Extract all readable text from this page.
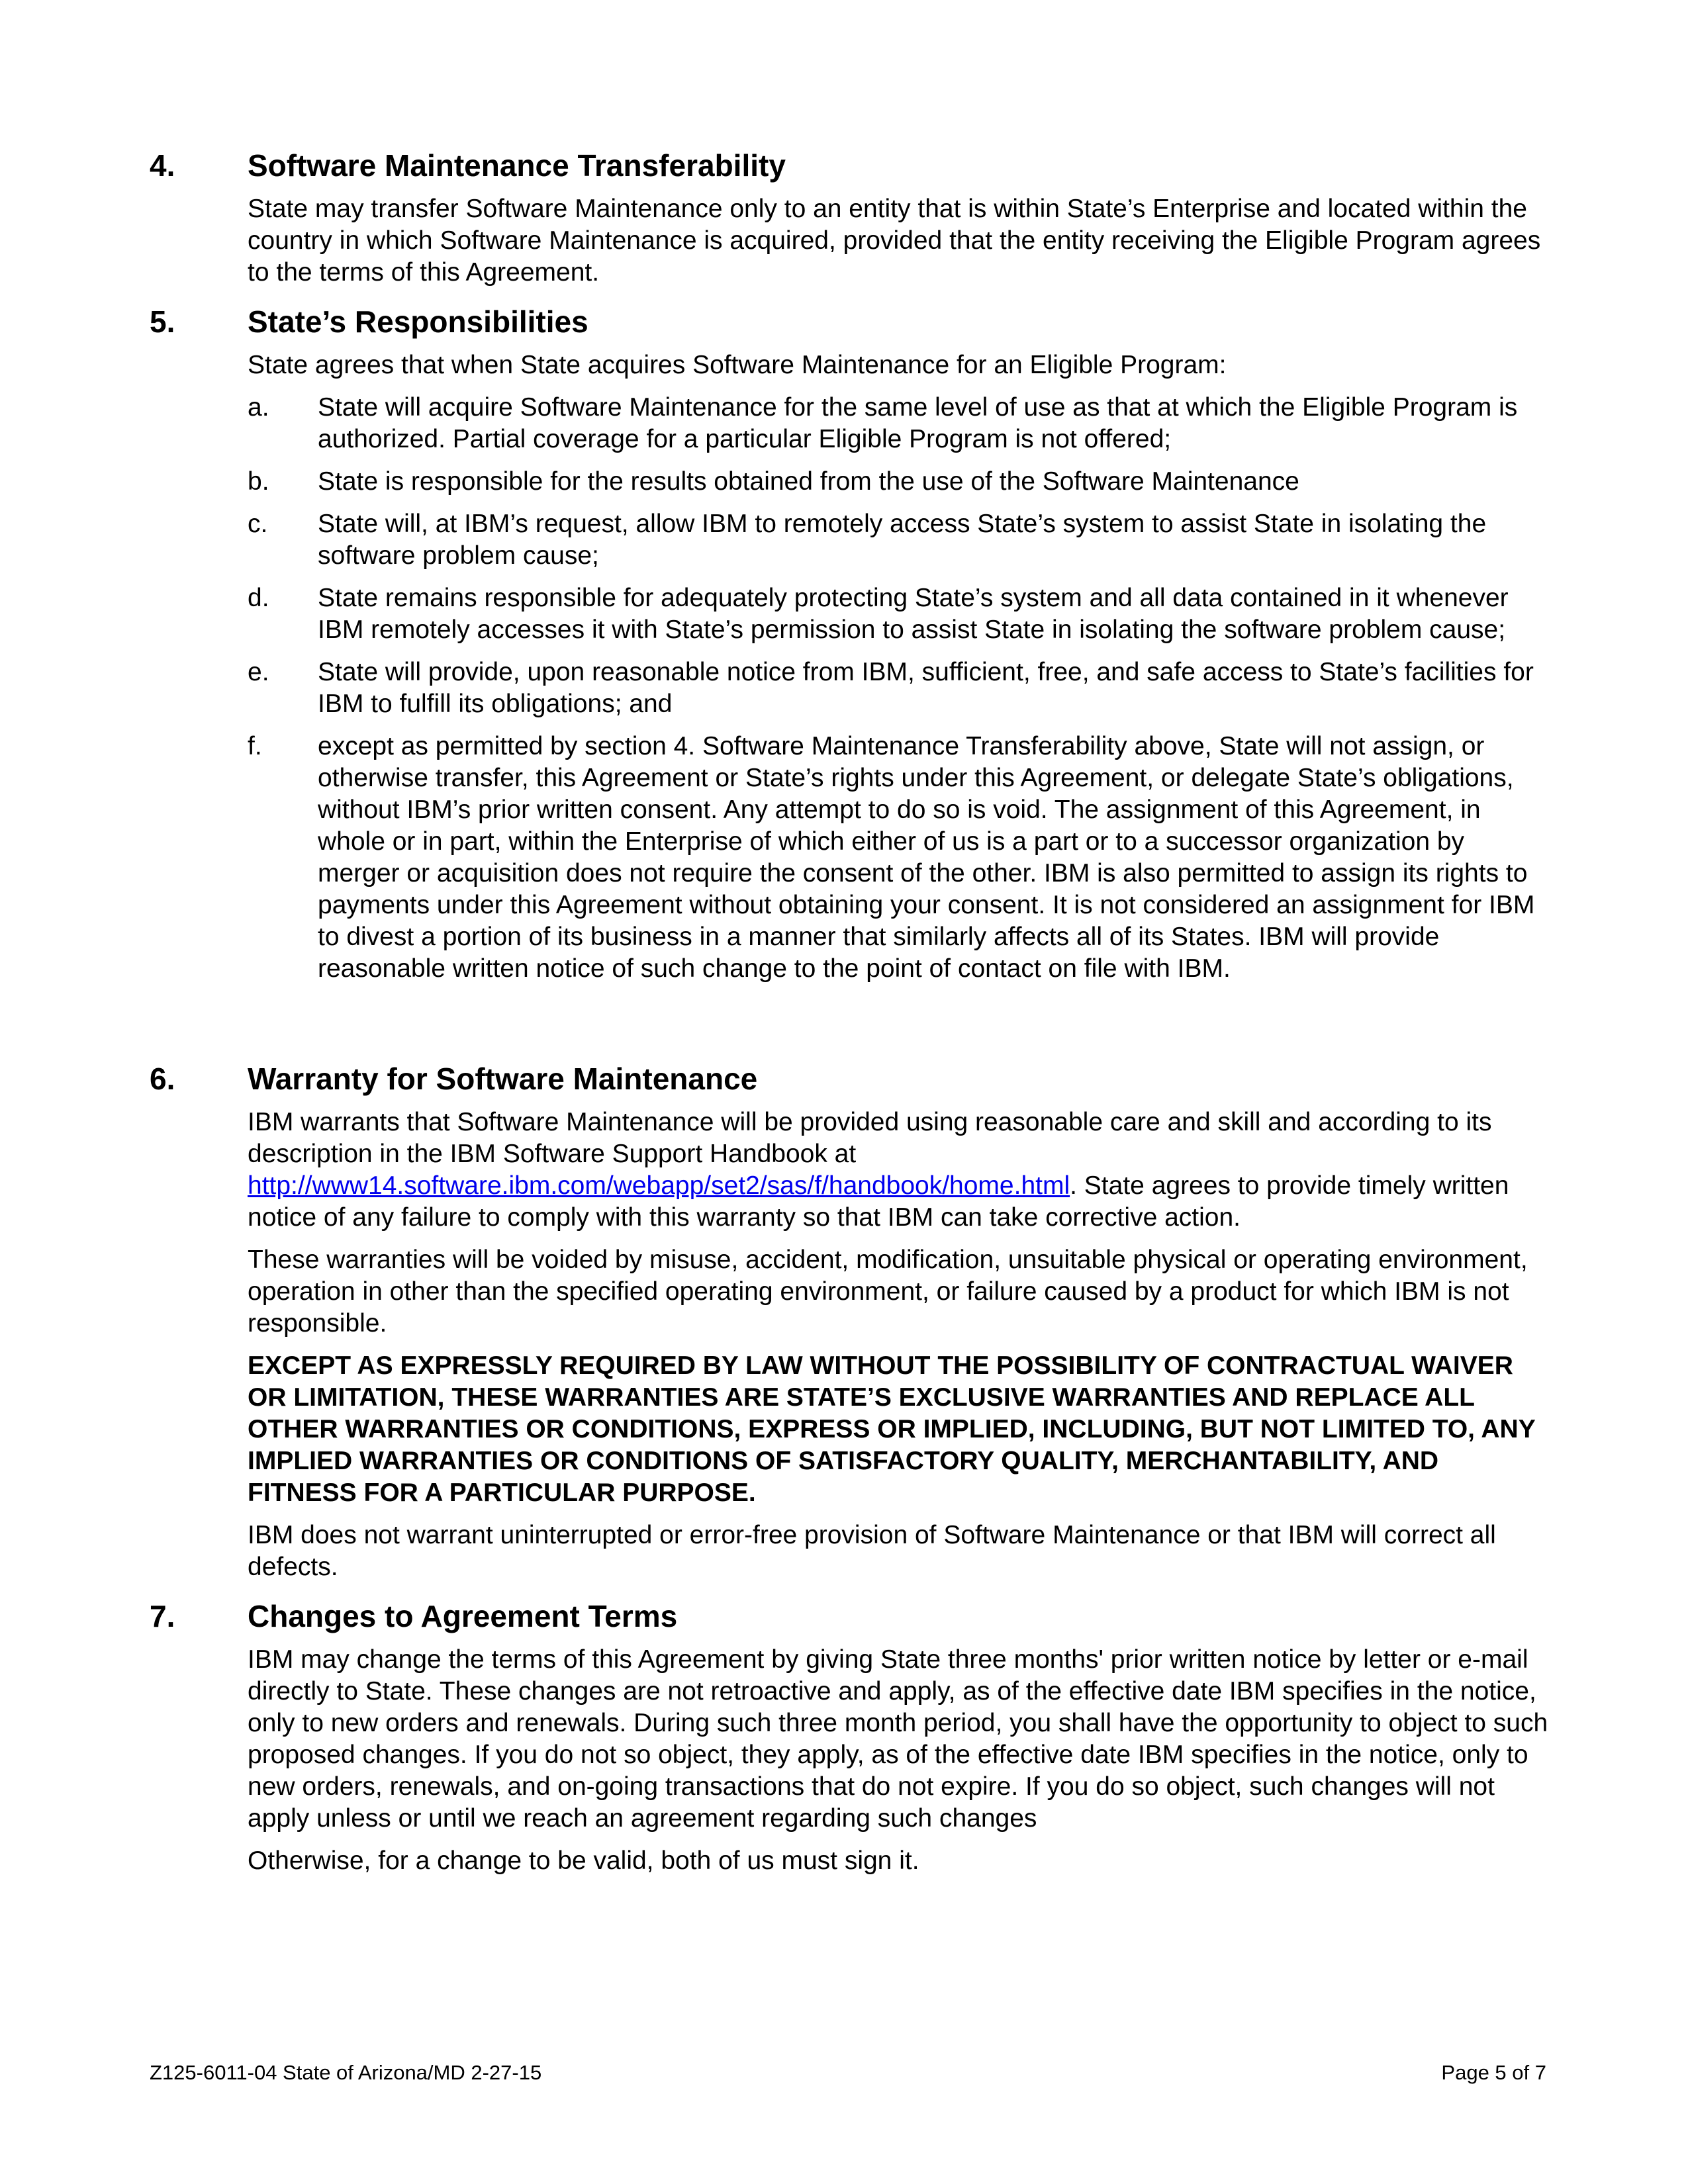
4. Software Maintenance Transferability

State may transfer Software Maintenance only to an entity that is within State’s Enterprise and located within the country in which Software Maintenance is acquired, provided that the entity receiving the Eligible Program agrees to the terms of this Agreement.

5. State’s Responsibilities

State agrees that when State acquires Software Maintenance for an Eligible Program:

a. State will acquire Software Maintenance for the same level of use as that at which the Eligible Program is authorized. Partial coverage for a particular Eligible Program is not offered;
b. State is responsible for the results obtained from the use of the Software Maintenance
c. State will, at IBM’s request, allow IBM to remotely access State’s system to assist State in isolating the software problem cause;
d. State remains responsible for adequately protecting State’s system and all data contained in it whenever IBM remotely accesses it with State’s permission to assist State in isolating the software problem cause;
e. State will provide, upon reasonable notice from IBM, sufficient, free, and safe access to State’s facilities for IBM to fulfill its obligations; and
f. except as permitted by section 4. Software Maintenance Transferability above, State will not assign, or otherwise transfer, this Agreement or State’s rights under this Agreement, or delegate State’s obligations, without IBM’s prior written consent. Any attempt to do so is void. The assignment of this Agreement, in whole or in part, within the Enterprise of which either of us is a part or to a successor organization by merger or acquisition does not require the consent of the other. IBM is also permitted to assign its rights to payments under this Agreement without obtaining your consent. It is not considered an assignment for IBM to divest a portion of its business in a manner that similarly affects all of its States. IBM will provide reasonable written notice of such change to the point of contact on file with IBM.
6. Warranty for Software Maintenance

IBM warrants that Software Maintenance will be provided using reasonable care and skill and according to its description in the IBM Software Support Handbook at http://www14.software.ibm.com/webapp/set2/sas/f/handbook/home.html. State agrees to provide timely written notice of any failure to comply with this warranty so that IBM can take corrective action.

These warranties will be voided by misuse, accident, modification, unsuitable physical or operating environment, operation in other than the specified operating environment, or failure caused by a product for which IBM is not responsible.

EXCEPT AS EXPRESSLY REQUIRED BY LAW WITHOUT THE POSSIBILITY OF CONTRACTUAL WAIVER OR LIMITATION, THESE WARRANTIES ARE STATE’S EXCLUSIVE WARRANTIES AND REPLACE ALL OTHER WARRANTIES OR CONDITIONS, EXPRESS OR IMPLIED, INCLUDING, BUT NOT LIMITED TO, ANY IMPLIED WARRANTIES OR CONDITIONS OF SATISFACTORY QUALITY, MERCHANTABILITY, AND FITNESS FOR A PARTICULAR PURPOSE.

IBM does not warrant uninterrupted or error-free provision of Software Maintenance or that IBM will correct all defects.

7. Changes to Agreement Terms

IBM may change the terms of this Agreement by giving State three months' prior written notice by letter or e-mail directly to State. These changes are not retroactive and apply, as of the effective date IBM specifies in the notice, only to new orders and renewals. During such three month period, you shall have the opportunity to object to such proposed changes. If you do not so object, they apply, as of the effective date IBM specifies in the notice, only to new orders, renewals, and on-going transactions that do not expire. If you do so object, such changes will not apply unless or until we reach an agreement regarding such changes

Otherwise, for a change to be valid, both of us must sign it.

Z125-6011-04 State of Arizona/MD 2-27-15	Page 5 of 7
